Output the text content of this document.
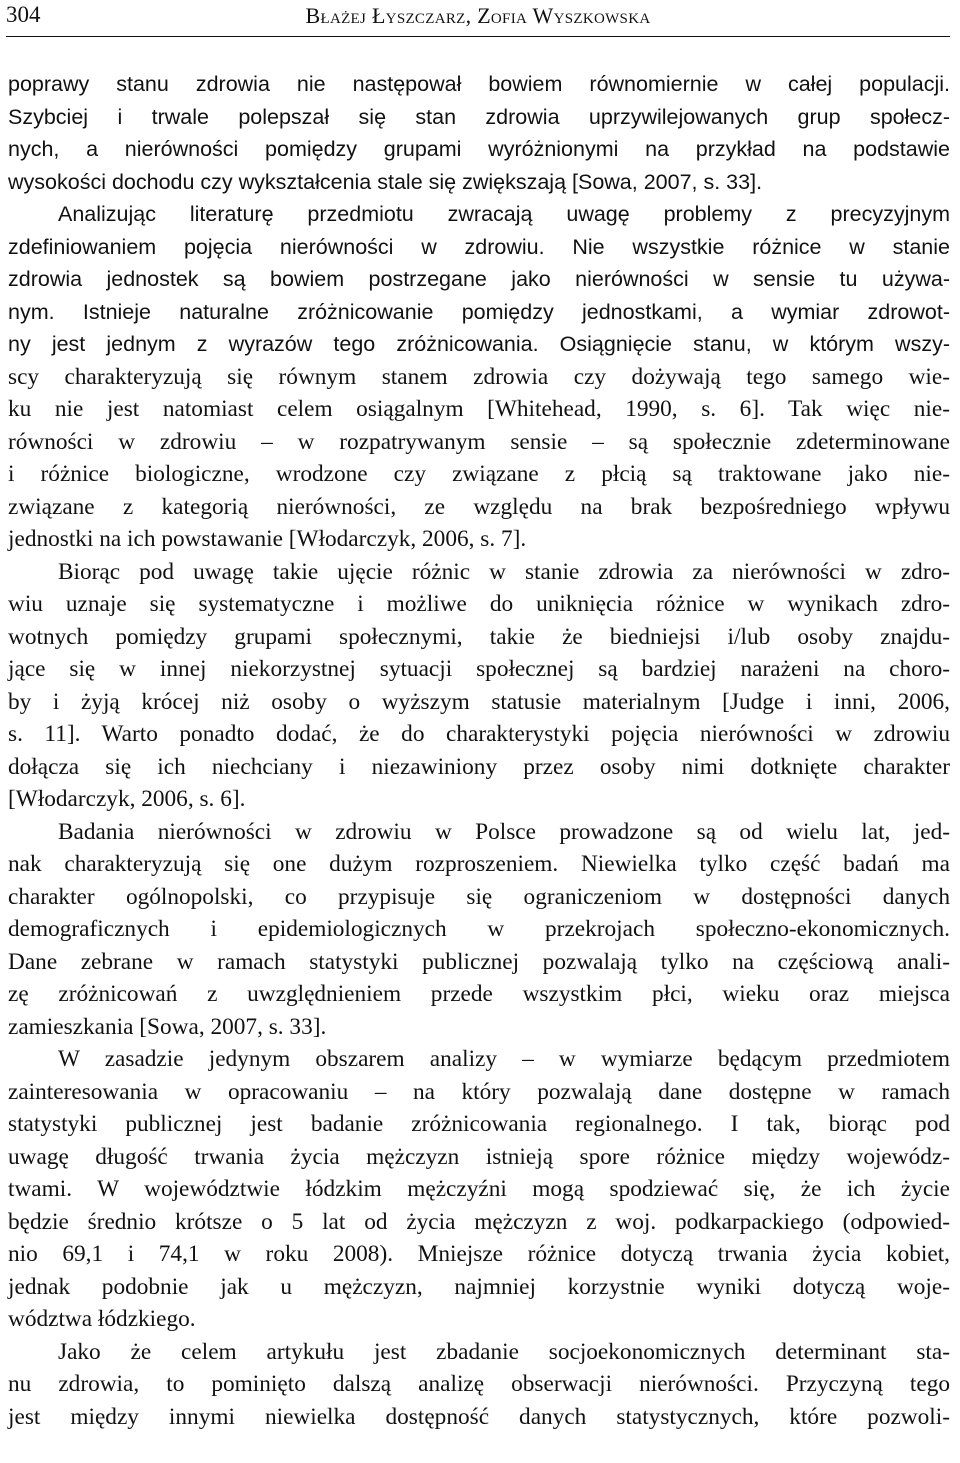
304	Błażej Łyszczarz, Zofia Wyszkowska
poprawy stanu zdrowia nie następował bowiem równomiernie w całej populacji.
Szybciej i trwale polepszał się stan zdrowia uprzywilejowanych grup społecz-
nych, a nierówności pomiędzy grupami wyróżnionymi na przykład na podstawie
wysokości dochodu czy wykształcenia stale się zwiększają [Sowa, 2007, s. 33].
Analizując literaturę przedmiotu zwracają uwagę problemy z precyzyjnym
zdefiniowaniem pojęcia nierówności w zdrowiu. Nie wszystkie różnice w stanie
zdrowia jednostek są bowiem postrzegane jako nierówności w sensie tu używa-
nym. Istnieje naturalne zróżnicowanie pomiędzy jednostkami, a wymiar zdrowot-
ny jest jednym z wyrazów tego zróżnicowania. Osiągnięcie stanu, w którym wszy-
scy charakteryzują się równym stanem zdrowia czy dożywają tego samego wie-
ku nie jest natomiast celem osiągalnym [Whitehead, 1990, s. 6]. Tak więc nie-
równości w zdrowiu – w rozpatrywanym sensie – są społecznie zdeterminowane
i różnice biologiczne, wrodzone czy związane z płcią są traktowane jako nie-
związane z kategorią nierówności, ze względu na brak bezpośredniego wpływu
jednostki na ich powstawanie [Włodarczyk, 2006, s. 7].
Biorąc pod uwagę takie ujęcie różnic w stanie zdrowia za nierówności w zdro-
wiu uznaje się systematyczne i możliwe do uniknięcia różnice w wynikach zdro-
wotnych pomiędzy grupami społecznymi, takie że biedniejsi i/lub osoby znajdu-
jące się w innej niekorzystnej sytuacji społecznej są bardziej narażeni na choro-
by i żyją krócej niż osoby o wyższym statusie materialnym [Judge i inni, 2006,
s. 11]. Warto ponadto dodać, że do charakterystyki pojęcia nierówności w zdrowiu
dołącza się ich niechciany i niezawiniony przez osoby nimi dotknięte charakter
[Włodarczyk, 2006, s. 6].
Badania nierówności w zdrowiu w Polsce prowadzone są od wielu lat, jed-
nak charakteryzują się one dużym rozproszeniem. Niewielka tylko część badań ma
charakter ogólnopolski, co przypisuje się ograniczeniom w dostępności danych
demograficznych i epidemiologicznych w przekrojach społeczno-ekonomicznych.
Dane zebrane w ramach statystyki publicznej pozwalają tylko na częściową anali-
zę zróżnicowań z uwzględnieniem przede wszystkim płci, wieku oraz miejsca
zamieszkania [Sowa, 2007, s. 33].
W zasadzie jedynym obszarem analizy – w wymiarze będącym przedmiotem
zainteresowania w opracowaniu – na który pozwalają dane dostępne w ramach
statystyki publicznej jest badanie zróżnicowania regionalnego. I tak, biorąc pod
uwagę długość trwania życia mężczyzn istnieją spore różnice między wojewódz-
twami. W województwie łódzkim mężczyźni mogą spodziewać się, że ich życie
będzie średnio krótsze o 5 lat od życia mężczyzn z woj. podkarpackiego (odpowied-
nio 69,1 i 74,1 w roku 2008). Mniejsze różnice dotyczą trwania życia kobiet,
jednak podobnie jak u mężczyzn, najmniej korzystnie wyniki dotyczą woje-
wództwa łódzkiego.
Jako że celem artykułu jest zbadanie socjoekonomicznych determinant sta-
nu zdrowia, to pominięto dalszą analizę obserwacji nierówności. Przyczyną tego
jest między innymi niewielka dostępność danych statystycznych, które pozwoli-
